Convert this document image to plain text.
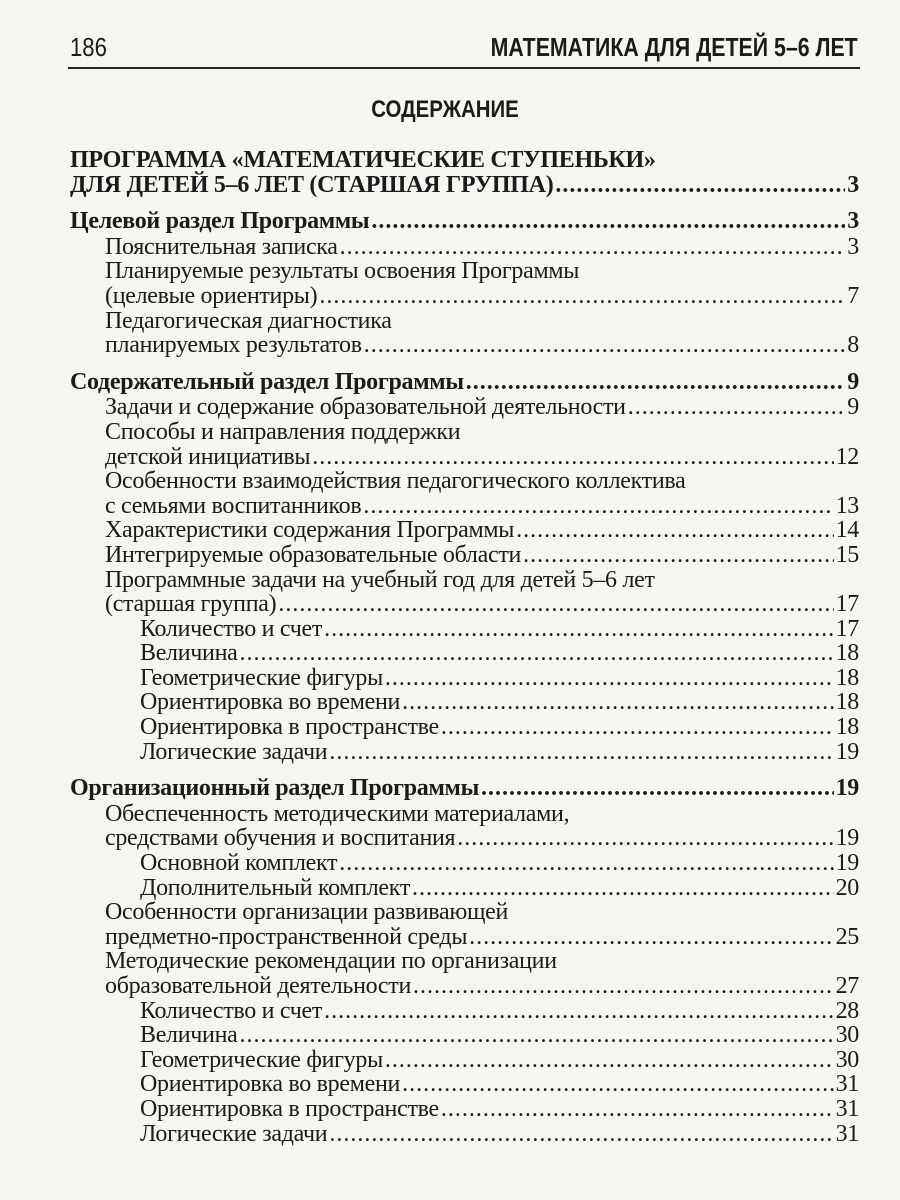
186	МАТЕМАТИКА ДЛЯ ДЕТЕЙ 5–6 ЛЕТ
СОДЕРЖАНИЕ
ПРОГРАММА «МАТЕМАТИЧЕСКИЕ СТУПЕНЬКИ»
ДЛЯ ДЕТЕЙ 5–6 ЛЕТ (СТАРШАЯ ГРУППА) .....	3
Целевой раздел Программы .....	3
Пояснительная записка .....	3
Планируемые результаты освоения Программы
(целевые ориентиры) .....	7
Педагогическая диагностика
планируемых результатов .....	8
Содержательный раздел Программы .....	9
Задачи и содержание образовательной деятельности .....	9
Способы и направления поддержки
детской инициативы .....	12
Особенности взаимодействия педагогического коллектива
с семьями воспитанников .....	13
Характеристики содержания Программы .....	14
Интегрируемые образовательные области .....	15
Программные задачи на учебный год для детей 5–6 лет
(старшая группа) .....	17
Количество и счет .....	17
Величина .....	18
Геометрические фигуры .....	18
Ориентировка во времени .....	18
Ориентировка в пространстве .....	18
Логические задачи .....	19
Организационный раздел Программы .....	19
Обеспеченность методическими материалами,
средствами обучения и воспитания .....	19
Основной комплект .....	19
Дополнительный комплект .....	20
Особенности организации развивающей
предметно-пространственной среды .....	25
Методические рекомендации по организации
образовательной деятельности .....	27
Количество и счет .....	28
Величина .....	30
Геометрические фигуры .....	30
Ориентировка во времени .....	31
Ориентировка в пространстве .....	31
Логические задачи .....	31
